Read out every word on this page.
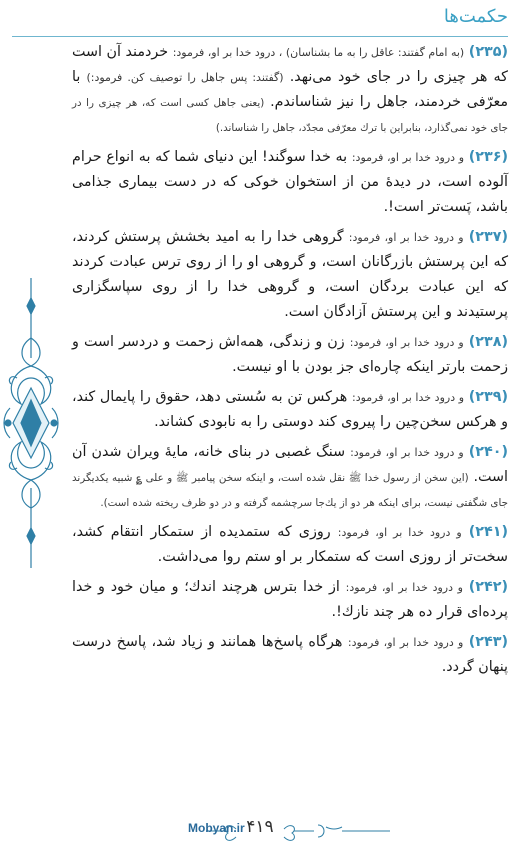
حکمت‌ها

(۲۳۵) (به امام گفتند: عاقل را به ما بشناسان) ، درود خدا بر او، فرمود: خردمند آن است که هر چیزی را در جای خود می‌نهد. (گفتند: پس جاهل را توصیف کن. فرمود:) با معرّفی خردمند، جاهل را نیز شناساندم. (یعنی جاهل کسی است که، هر چیزی را در جای خود نمی‌گذارد، بنابراین با ترك معرّفی مجدّد، جاهل را شناساند.)

(۲۳۶) و درود خدا بر او، فرمود: به خدا سوگند! این دنیای شما که به انواع حرام آلوده است، در دیدهٔ من از استخوان خوکی که در دست بیماری جذامی باشد، پَست‌تر است!.

(۲۳۷) و درود خدا بر او، فرمود: گروهی خدا را به امید بخشش پرستش کردند، که این پرستش بازرگانان است، و گروهی او را از روی ترس عبادت کردند که این عبادت بردگان است، و گروهی خدا را از روی سپاسگزاری پرستیدند و این پرستش آزادگان است.

(۲۳۸) و درود خدا بر او، فرمود: زن و زندگی، همه‌اش زحمت و دردسر است و زحمت بارتر اینکه چاره‌ای جز بودن با او نیست.

(۲۳۹) و درود خدا بر او، فرمود: هرکس تن به سُستی دهد، حقوق را پایمال کند، و هرکس سخن‌چین را پیروی کند دوستی را به نابودی کشاند.

(۲۴۰) و درود خدا بر او، فرمود: سنگ غصبی در بنای خانه، مایهٔ ویران شدن آن است. (این سخن از رسول خدا ﷺ نقل شده است، و اینکه سخن پیامبر ﷺ و علی ؏ شبیه یکدیگرند جای شگفتی نیست، برای اینکه هر دو از یك‌جا سرچشمه گرفته و در دو ظرف ریخته شده است).

(۲۴۱) و درود خدا بر او، فرمود: روزی که ستمدیده از ستمکار انتقام کشد، سخت‌تر از روزی است که ستمکار بر او ستم روا می‌داشت.

(۲۴۲) و درود خدا بر او، فرمود: از خدا بترس هرچند اندك؛ و میان خود و خدا پرده‌ای قرار ده هر چند نازك!.

(۲۴۳) و درود خدا بر او، فرمود: هرگاه پاسخ‌ها همانند و زیاد شد، پاسخ درست پنهان گردد.

Mobyan.ir ۴۱۹
